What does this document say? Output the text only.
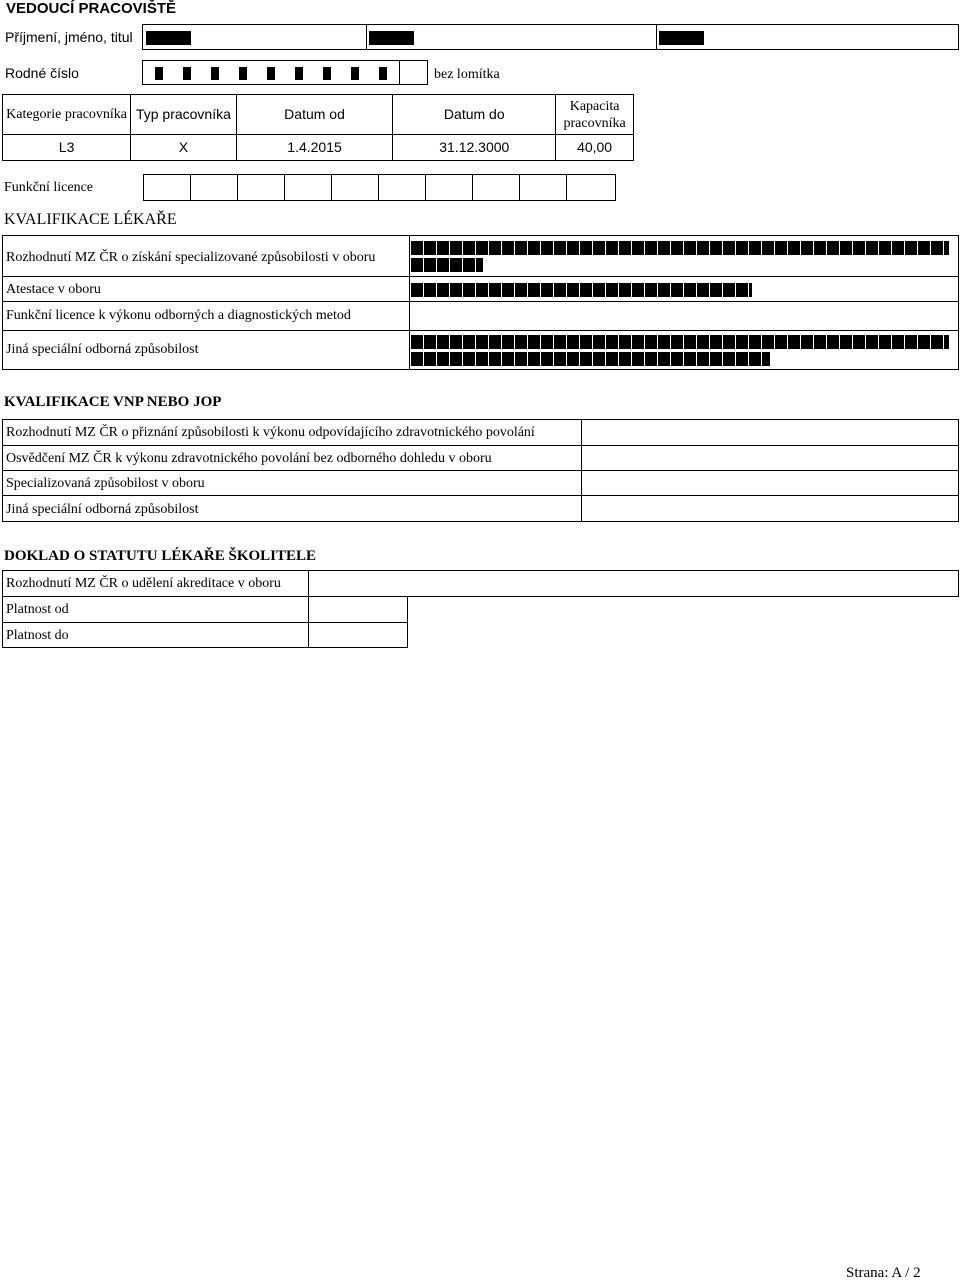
VEDOUCÍ PRACOVIŠTĚ
Příjmení, jméno, titul
Rodné číslo	bez lomítka
Kategorie pracovníka	Typ pracovníka	Datum od	Datum do	Kapacita pracovníka
L3	X	1.4.2015	31.12.3000	40,00
Funkční licence
KVALIFIKACE LÉKAŘE
Rozhodnutí MZ ČR o získání specializované způsobilosti v oboru
Atestace v oboru
Funkční licence k výkonu odborných a diagnostických metod
Jiná speciální odborná způsobilost
KVALIFIKACE VNP NEBO JOP
Rozhodnutí MZ ČR o přiznání způsobilosti k výkonu odpovídajícího zdravotnického povolání
Osvědčení MZ ČR k výkonu zdravotnického povolání bez odborného dohledu v oboru
Specializovaná způsobilost v oboru
Jiná speciální odborná způsobilost
DOKLAD O STATUTU LÉKAŘE ŠKOLITELE
Rozhodnutí MZ ČR o udělení akreditace v oboru
Platnost od
Platnost do
Strana: A / 2
